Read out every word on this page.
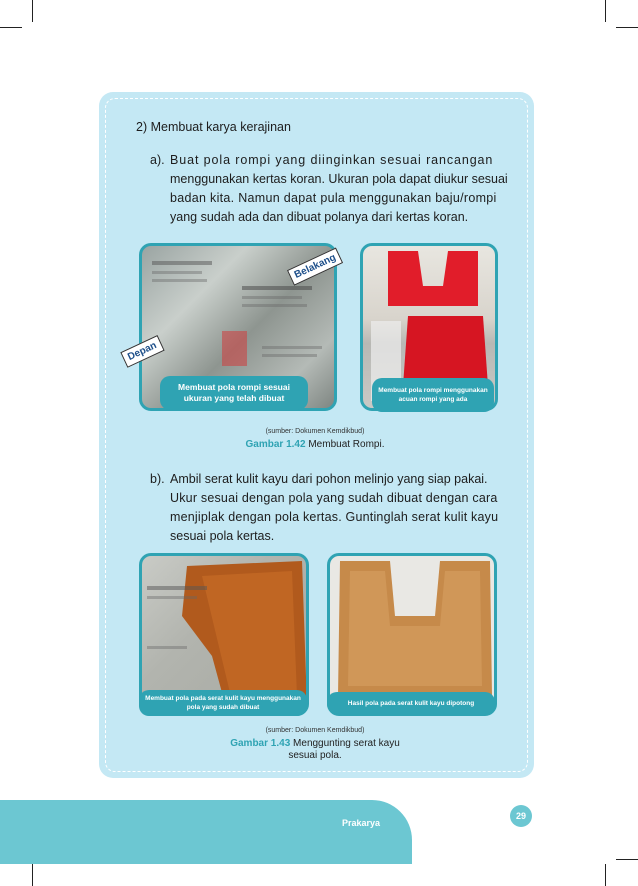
2) Membuat karya kerajinan
a). Buat pola rompi yang diinginkan sesuai rancangan
menggunakan kertas koran. Ukuran pola dapat diukur sesuai
badan kita. Namun dapat pula menggunakan baju/rompi
yang sudah ada dan dibuat polanya dari kertas koran.
Belakang
Depan
Membuat pola rompi sesuai ukuran yang telah dibuat
Membuat pola rompi menggunakan acuan rompi yang ada
(sumber: Dokumen Kemdikbud)
Gambar 1.42 Membuat Rompi.
b). Ambil serat kulit kayu dari pohon melinjo yang siap pakai.
Ukur sesuai dengan pola yang sudah dibuat dengan cara
menjiplak dengan pola kertas. Guntinglah serat kulit kayu
sesuai pola kertas.
Membuat pola pada serat kulit kayu menggunakan pola yang sudah dibuat
Hasil pola pada serat kulit kayu dipotong
(sumber: Dokumen Kemdikbud)
Gambar 1.43 Menggunting serat kayu
sesuai pola.
Prakarya
29
